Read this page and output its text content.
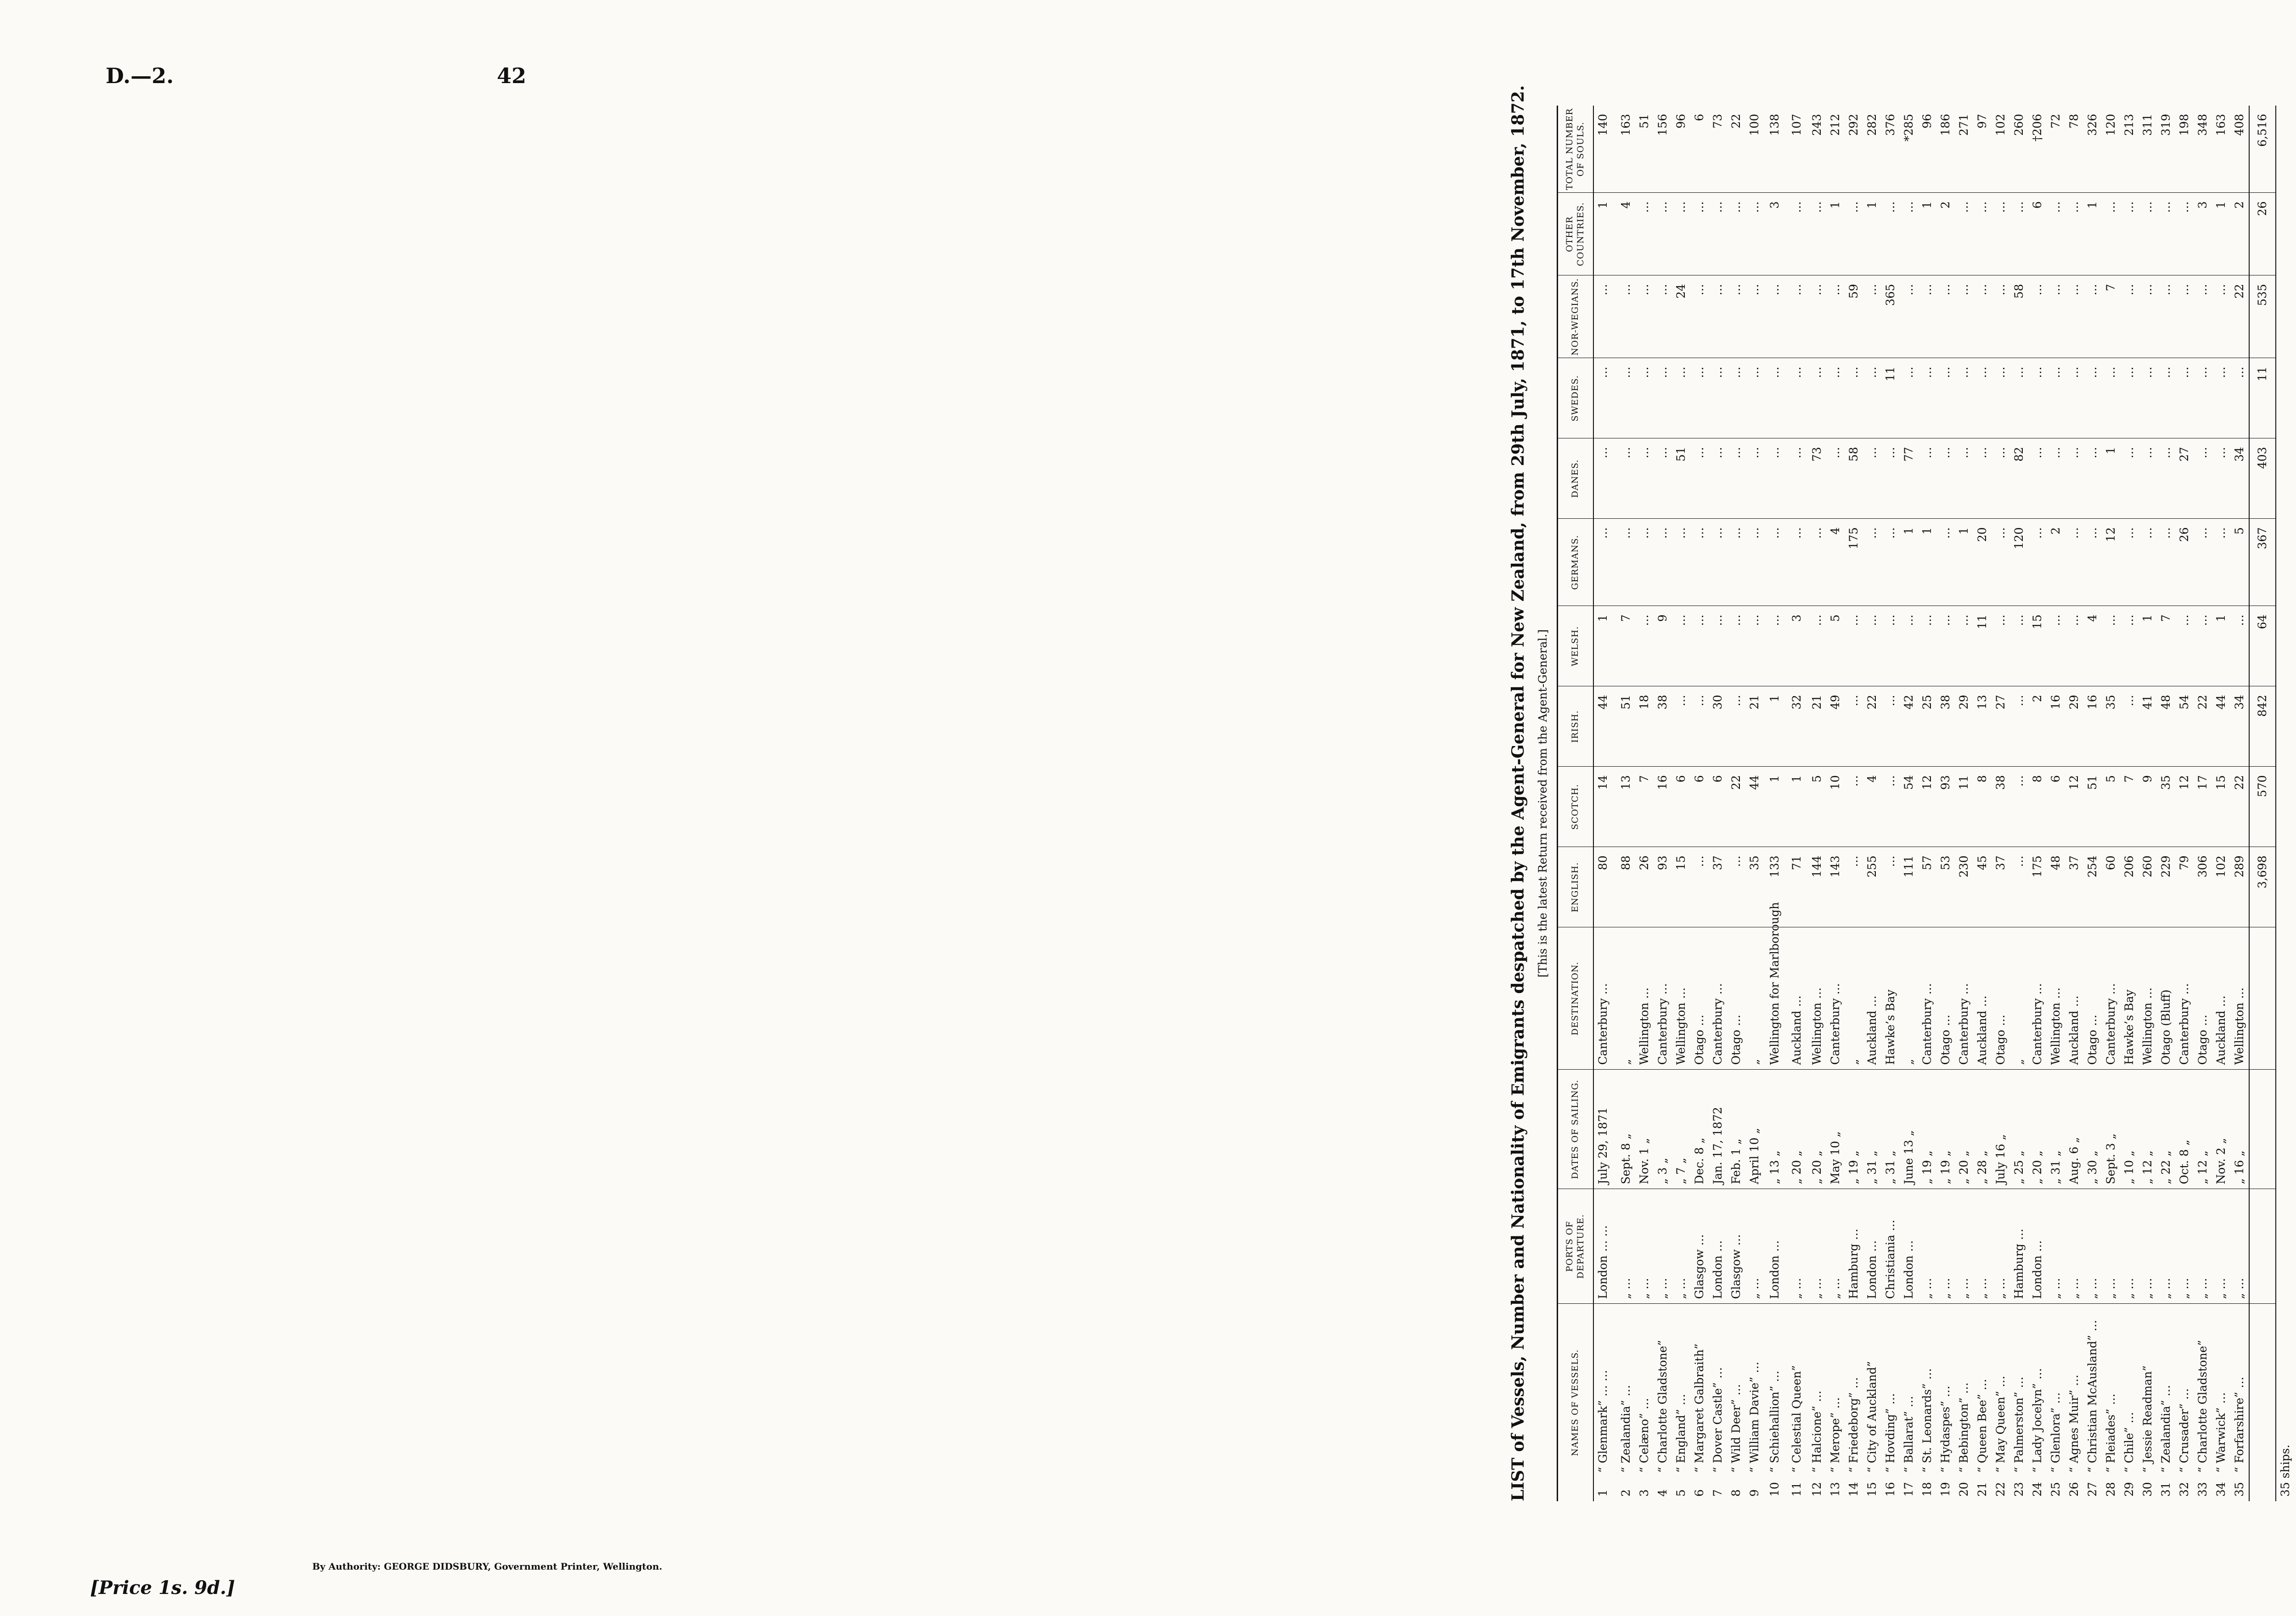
D.—2.	42
[Price 1s. 9d.]
LIST of Vessels, Number and Nationality of Emigrants despatched by the Agent-General for New Zealand, from 29th July, 1871, to 17th November, 1872. [This is the latest Return received from the Agent-General.]
NAMES OF VESSELS.	PORTS OF DEPARTURE.	DATES OF SAILING.	DESTINATION.	ENGLISH.	SCOTCH.	IRISH.	WELSH.	GERMANS.	DANES.	SWEDES.	NOR-WEGIANS.	OTHER COUNTRIES.	TOTAL NUMBER OF SOULS.
1“ Glenmark” … …	London … …	July 29, 1871	Canterbury …	80	14	44	1	…	…	…	…	1	140
2“ Zealandia” …	„ …	Sept. 8 „	„	88	13	51	7	…	…	…	…	4	163
3“ Celæno” …	„ …	Nov. 1 „	Wellington …	26	7	18	…	…	…	…	…	…	51
4“ Charlotte Gladstone”	„ …	„ 3 „	Canterbury …	93	16	38	9	…	…	…	…	…	156
5“ England” …	„ …	„ 7 „	Wellington …	15	6	…	…	…	51	…	24	…	96
6“ Margaret Galbraith”	Glasgow …	Dec. 8 „	Otago …	…	6	…	…	…	…	…	…	…	6
7“ Dover Castle” …	London …	Jan. 17, 1872	Canterbury …	37	6	30	…	…	…	…	…	…	73
8“ Wild Deer” …	Glasgow …	Feb. 1 „	Otago …	…	22	…	…	…	…	…	…	…	22
9“ William Davie” …	„ …	April 10 „	„	35	44	21	…	…	…	…	…	…	100
10“ Schiehallion” …	London …	„ 13 „	Wellington for Marlborough	133	1	1	…	…	…	…	…	3	138
11“ Celestial Queen”	„ …	„ 20 „	Auckland …	71	1	32	3	…	…	…	…	…	107
12“ Halcione” …	„ …	„ 20 „	Wellington …	144	5	21	…	…	73	…	…	…	243
13“ Merope” …	„ …	May 10 „	Canterbury …	143	10	49	5	4	…	…	…	1	212
14“ Friedeborg” …	Hamburg …	„ 19 „	„	…	…	…	…	175	58	…	59	…	292
15“ City of Auckland”	London …	„ 31 „	Auckland …	255	4	22	…	…	…	…	…	1	282
16“ Hovding” …	Christiania …	„ 31 „	Hawke’s Bay	…	…	…	…	…	…	11	365	…	376
17“ Ballarat” …	London …	June 13 „	„	111	54	42	…	1	77	…	…	…	*285
18“ St. Leonards” …	„ …	„ 19 „	Canterbury …	57	12	25	…	1	…	…	…	1	96
19“ Hydaspes” …	„ …	„ 19 „	Otago …	53	93	38	…	…	…	…	…	2	186
20“ Bebington” …	„ …	„ 20 „	Canterbury …	230	11	29	…	1	…	…	…	…	271
21“ Queen Bee” …	„ …	„ 28 „	Auckland …	45	8	13	11	20	…	…	…	…	97
22“ May Queen” …	„ …	July 16 „	Otago …	37	38	27	…	…	…	…	…	…	102
23“ Palmerston” …	Hamburg …	„ 25 „	„	…	…	…	…	120	82	…	58	…	260
24“ Lady Jocelyn” …	London …	„ 20 „	Canterbury …	175	8	2	15	…	…	…	…	6	†206
25“ Glenlora” …	„ …	„ 31 „	Wellington …	48	6	16	…	2	…	…	…	…	72
26“ Agnes Muir” …	„ …	Aug. 6 „	Auckland …	37	12	29	…	…	…	…	…	…	78
27“ Christian McAusland” …	„ …	„ 30 „	Otago …	254	51	16	4	…	…	…	…	1	326
28“ Pleiades” …	„ …	Sept. 3 „	Canterbury …	60	5	35	…	12	1	…	7	…	120
29“ Chile” …	„ …	„ 10 „	Hawke’s Bay	206	7	…	…	…	…	…	…	…	213
30“ Jessie Readman”	„ …	„ 12 „	Wellington …	260	9	41	1	…	…	…	…	…	311
31“ Zealandia” …	„ …	„ 22 „	Otago (Bluff)	229	35	48	7	…	…	…	…	…	319
32“ Crusader” …	„ …	Oct. 8 „	Canterbury …	79	12	54	…	26	27	…	…	…	198
33“ Charlotte Gladstone”	„ …	„ 12 „	Otago …	306	17	22	…	…	…	…	…	3	348
34“ Warwick” …	„ …	Nov. 2 „	Auckland …	102	15	44	1	…	…	…	…	1	163
35“ Forfarshire” …	„ …	„ 16 „	Wellington …	289	22	34	…	5	34	…	22	2	408
				3,698	570	842	64	367	403	11	535	26	6,516
35 ships.													
By Authority: GEORGE DIDSBURY, Government Printer, Wellington.
